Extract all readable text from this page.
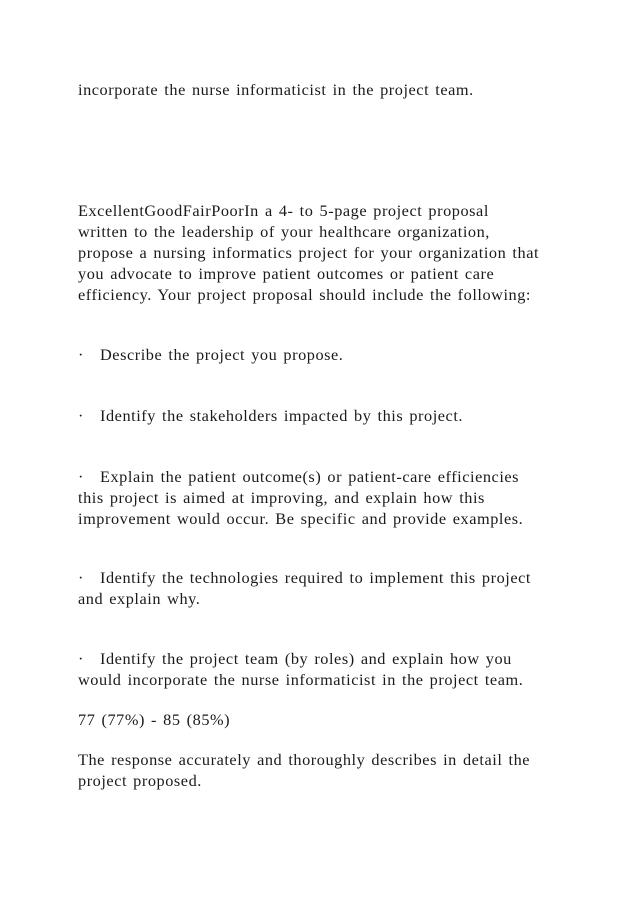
incorporate the nurse informaticist in the project team.
ExcellentGoodFairPoorIn a 4- to 5-page project proposal
written to the leadership of your healthcare organization,
propose a nursing informatics project for your organization that
you advocate to improve patient outcomes or patient care
efficiency. Your project proposal should include the following:
· Describe the project you propose.
· Identify the stakeholders impacted by this project.
· Explain the patient outcome(s) or patient-care efficiencies
this project is aimed at improving, and explain how this
improvement would occur. Be specific and provide examples.
· Identify the technologies required to implement this project
and explain why.
· Identify the project team (by roles) and explain how you
would incorporate the nurse informaticist in the project team.
77 (77%) - 85 (85%)
The response accurately and thoroughly describes in detail the
project proposed.
